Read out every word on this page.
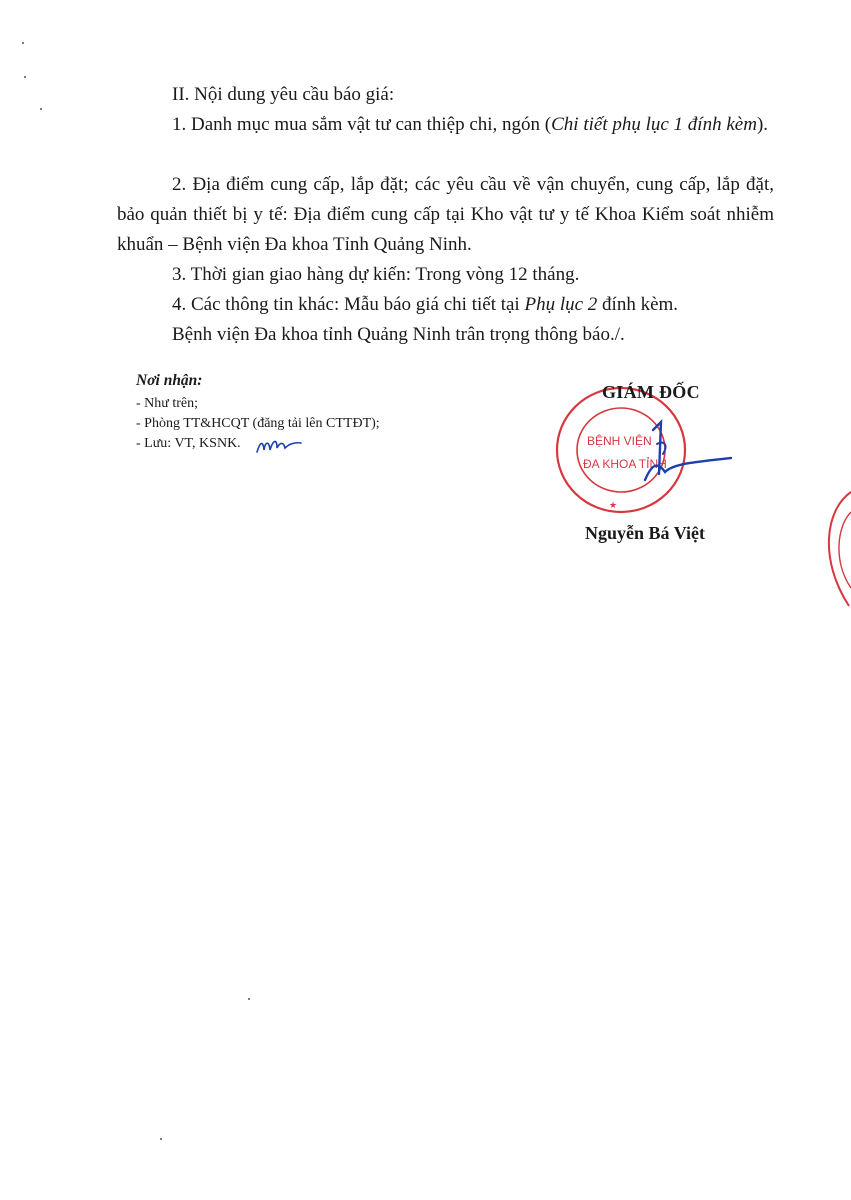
II. Nội dung yêu cầu báo giá:

1. Danh mục mua sắm vật tư can thiệp chi, ngón (Chi tiết phụ lục 1 đính kèm).

2. Địa điểm cung cấp, lắp đặt; các yêu cầu về vận chuyển, cung cấp, lắp đặt, bảo quản thiết bị y tế: Địa điểm cung cấp tại Kho vật tư y tế Khoa Kiểm soát nhiễm khuẩn – Bệnh viện Đa khoa Tỉnh Quảng Ninh.

3. Thời gian giao hàng dự kiến: Trong vòng 12 tháng.

4. Các thông tin khác: Mẫu báo giá chi tiết tại Phụ lục 2 đính kèm.

Bệnh viện Đa khoa tỉnh Quảng Ninh trân trọng thông báo./.

Nơi nhận:

- Như trên;
- Phòng TT&HCQT (đăng tải lên CTTĐT);
- Lưu: VT, KSNK.	BỆNH VIỆN
ĐA KHOA TỈNH
★

GIÁM ĐỐC

Nguyễn Bá Việt
